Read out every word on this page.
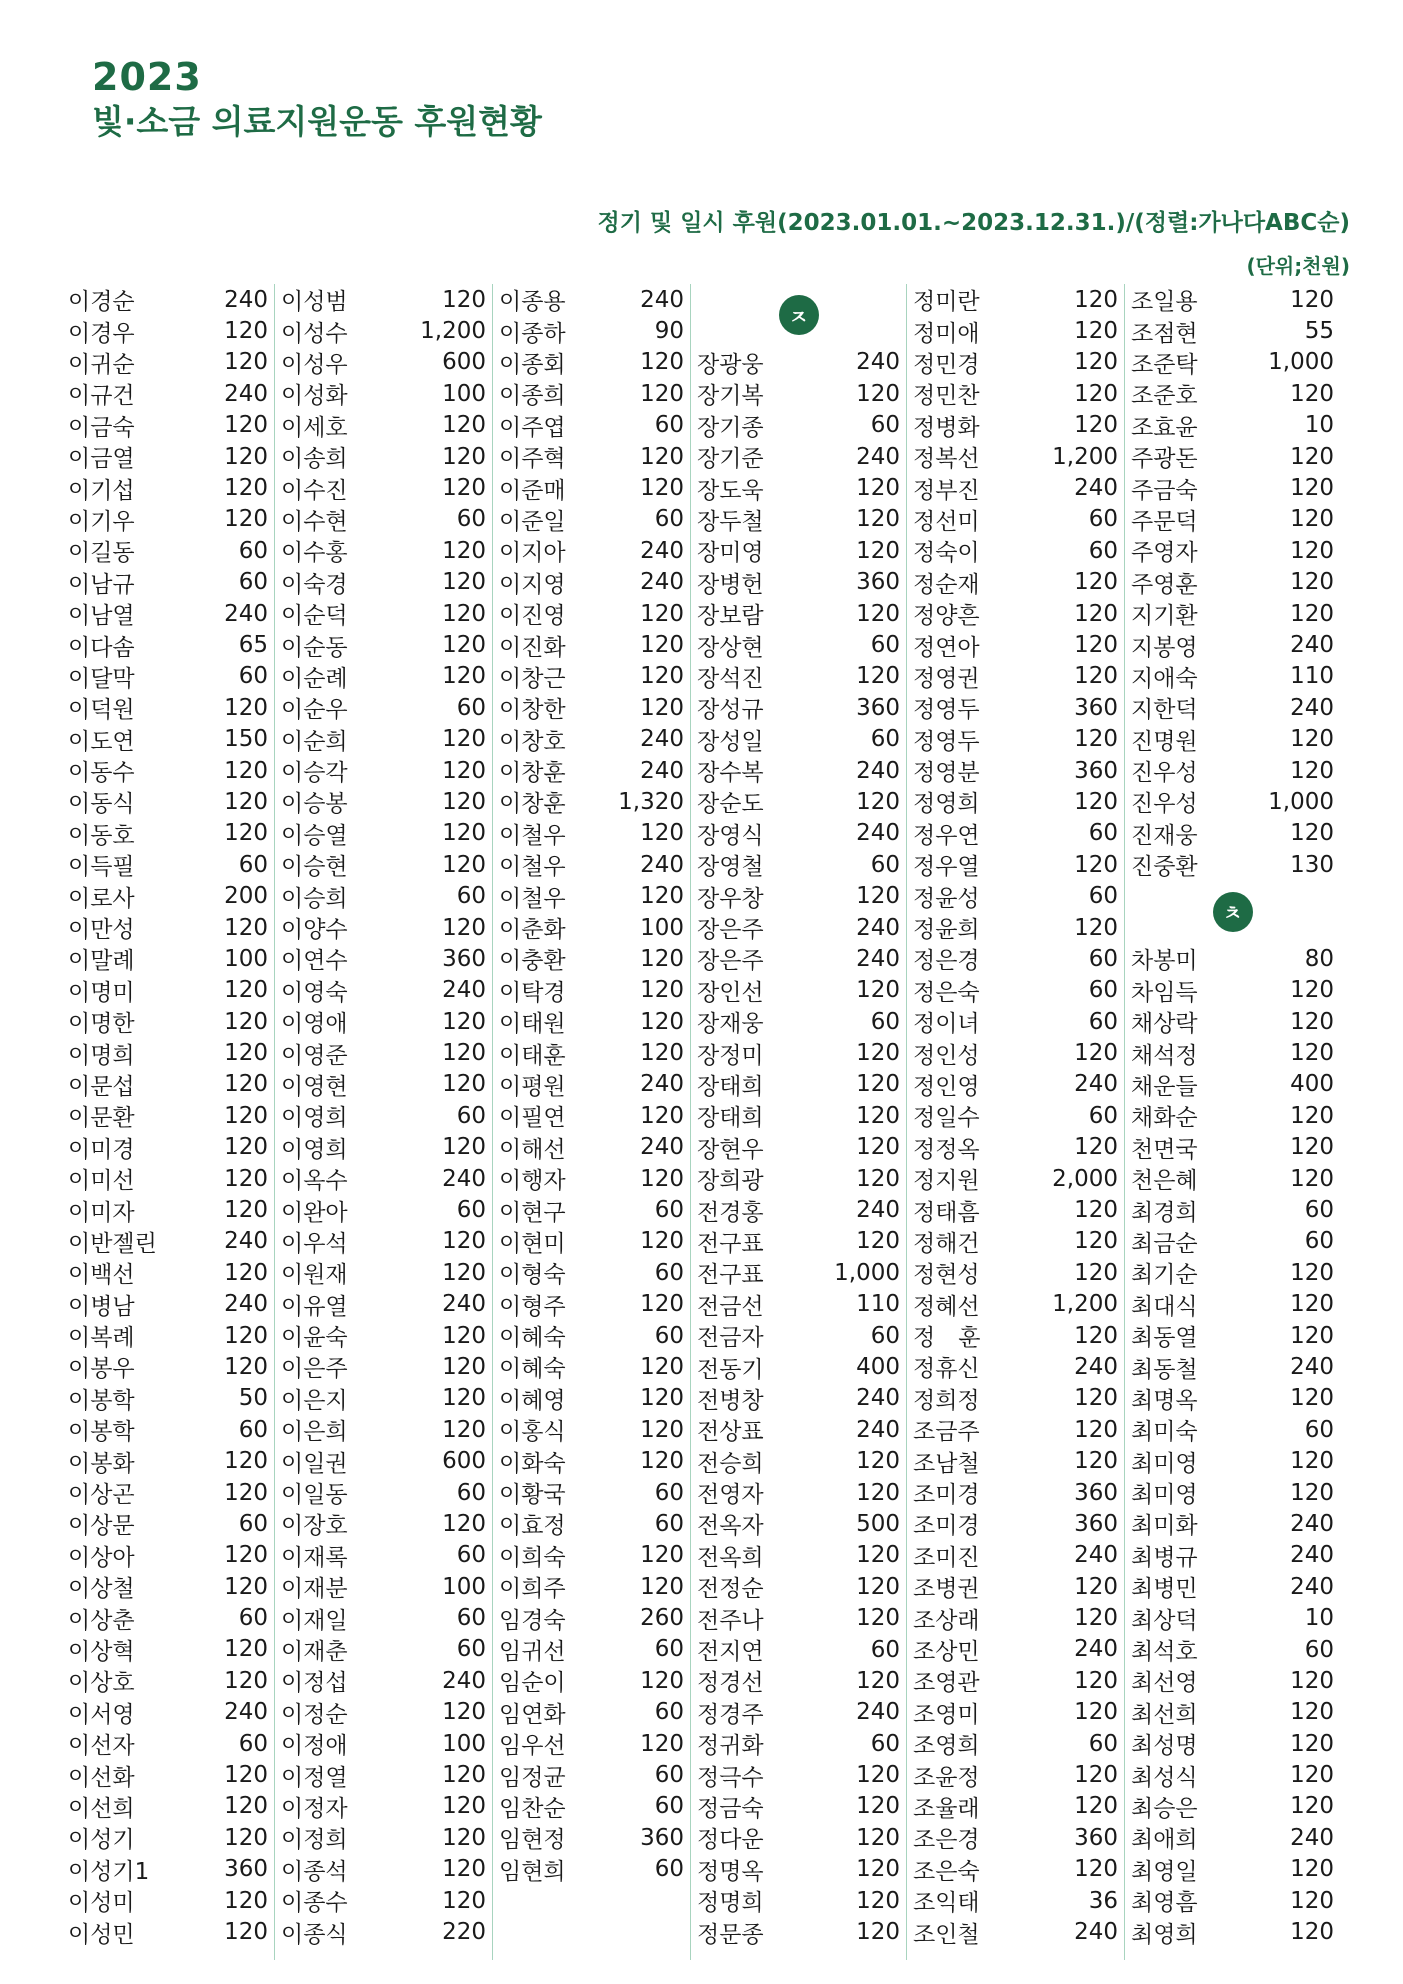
2023
빛·소금 의료지원운동 후원현황
정기 및 일시 후원(2023.01.01.~2023.12.31.)/(정렬:가나다ABC순)
(단위;천원)
이경순	240
이경우	120
이귀순	120
이규건	240
이금숙	120
이금열	120
이기섭	120
이기우	120
이길동	60
이남규	60
이남열	240
이다솜	65
이달막	60
이덕원	120
이도연	150
이동수	120
이동식	120
이동호	120
이득필	60
이로사	200
이만성	120
이말례	100
이명미	120
이명한	120
이명희	120
이문섭	120
이문환	120
이미경	120
이미선	120
이미자	120
이반젤린	240
이백선	120
이병남	240
이복례	120
이봉우	120
이봉학	50
이봉학	60
이봉화	120
이상곤	120
이상문	60
이상아	120
이상철	120
이상춘	60
이상혁	120
이상호	120
이서영	240
이선자	60
이선화	120
이선희	120
이성기	120
이성기1	360
이성미	120
이성민	120
이성범	120
이성수	1,200
이성우	600
이성화	100
이세호	120
이송희	120
이수진	120
이수현	60
이수홍	120
이숙경	120
이순덕	120
이순동	120
이순례	120
이순우	60
이순희	120
이승각	120
이승봉	120
이승열	120
이승현	120
이승희	60
이양수	120
이연수	360
이영숙	240
이영애	120
이영준	120
이영현	120
이영희	60
이영희	120
이옥수	240
이완아	60
이우석	120
이원재	120
이유열	240
이윤숙	120
이은주	120
이은지	120
이은희	120
이일권	600
이일동	60
이장호	120
이재록	60
이재분	100
이재일	60
이재춘	60
이정섭	240
이정순	120
이정애	100
이정열	120
이정자	120
이정희	120
이종석	120
이종수	120
이종식	220
이종용	240
이종하	90
이종회	120
이종희	120
이주엽	60
이주혁	120
이준매	120
이준일	60
이지아	240
이지영	240
이진영	120
이진화	120
이창근	120
이창한	120
이창호	240
이창훈	240
이창훈 1,320
이철우	120
이철우	240
이철우	120
이춘화	100
이충환	120
이탁경	120
이태원	120
이태훈	120
이평원	240
이필연	120
이해선	240
이행자	120
이현구	60
이현미	120
이형숙	60
이형주	120
이혜숙	60
이혜숙	120
이혜영	120
이홍식	120
이화숙	120
이황국	60
이효정	60
이희숙	120
이희주	120
임경숙	260
임귀선	60
임순이	120
임연화	60
임우선	120
임정균	60
임찬순	60
임현정	360
임현희	60
ㅈ
장광웅	240
장기복	120
장기종	60
장기준	240
장도욱	120
장두철	120
장미영	120
장병헌	360
장보람	120
장상현	60
장석진	120
장성규	360
장성일	60
장수복	240
장순도	120
장영식	240
장영철	60
장우창	120
장은주	240
장은주	240
장인선	120
장재웅	60
장정미	120
장태희	120
장태희	120
장현우	120
장희광	120
전경홍	240
전구표	120
전구표	1,000
전금선	110
전금자	60
전동기	400
전병창	240
전상표	240
전승희	120
전영자	120
전옥자	500
전옥희	120
전정순	120
전주나	120
전지연	60
정경선	120
정경주	240
정귀화	60
정극수	120
정금숙	120
정다운	120
정명옥	120
정명희	120
정문종	120
정미란	120
정미애	120
정민경	120
정민찬	120
정병화	120
정복선	1,200
정부진	240
정선미	60
정숙이	60
정순재	120
정양흔	120
정연아	120
정영권	120
정영두	360
정영두	120
정영분	360
정영희	120
정우연	60
정우열	120
정윤성	60
정윤희	120
정은경	60
정은숙	60
정이녀	60
정인성	120
정인영	240
정일수	60
정정옥	120
정지원	2,000
정태흠	120
정해건	120
정현성	120
정혜선	1,200
정　훈	120
정휴신	240
정희정	120
조금주	120
조남철	120
조미경	360
조미경	360
조미진	240
조병권	120
조상래	120
조상민	240
조영관	120
조영미	120
조영희	60
조윤정	120
조율래	120
조은경	360
조은숙	120
조익태	36
조인철	240
조일용	120
조점현	55
조준탁	1,000
조준호	120
조효윤	10
주광돈	120
주금숙	120
주문덕	120
주영자	120
주영훈	120
지기환	120
지봉영	240
지애숙	110
지한덕	240
진명원	120
진우성	120
진우성	1,000
진재웅	120
진중환	130
ㅊ
차봉미	80
차임득	120
채상락	120
채석정	120
채운들	400
채화순	120
천면국	120
천은혜	120
최경희	60
최금순	60
최기순	120
최대식	120
최동열	120
최동철	240
최명옥	120
최미숙	60
최미영	120
최미영	120
최미화	240
최병규	240
최병민	240
최상덕	10
최석호	60
최선영	120
최선희	120
최성명	120
최성식	120
최승은	120
최애희	240
최영일	120
최영흠	120
최영희	120
